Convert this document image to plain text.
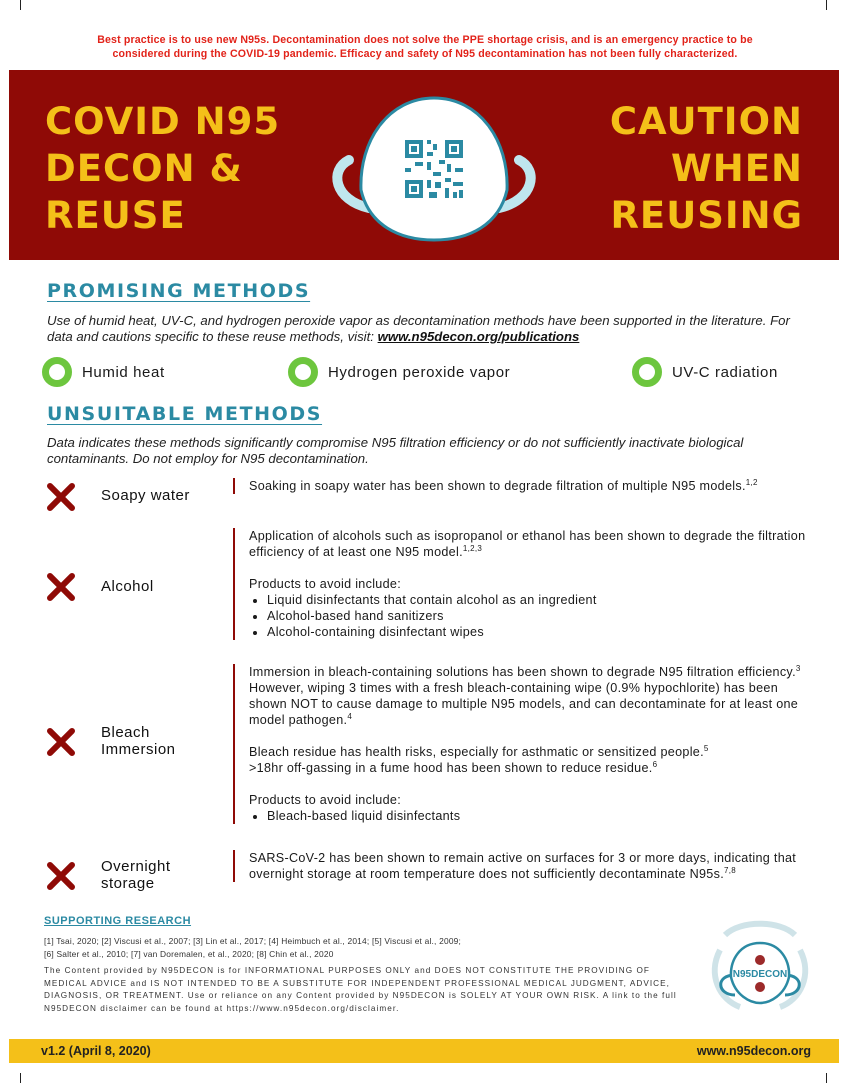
Best practice is to use new N95s. Decontamination does not solve the PPE shortage crisis, and is an emergency practice to be
considered during the COVID-19 pandemic. Efficacy and safety of N95 decontamination has not been fully characterized.
COVID N95
DECON &
REUSE
CAUTION
WHEN
REUSING
PROMISING METHODS
Use of humid heat, UV-C, and hydrogen peroxide vapor as decontamination methods have been supported in the literature. For data and cautions specific to these reuse methods, visit: www.n95decon.org/publications
Humid heat	Hydrogen peroxide vapor	UV-C radiation
UNSUITABLE METHODS
Data indicates these methods significantly compromise N95 filtration efficiency or do not sufficiently inactivate biological contaminants. Do not employ for N95 decontamination.
Soapy water

Soaking in soapy water has been shown to degrade filtration of multiple N95 models.$^{1,2}$

Alcohol

Application of alcohols such as isopropanol or ethanol has been shown to degrade the filtration efficiency of at least one N95 model.$^{1,2,3}$

Products to avoid include:

• Liquid disinfectants that contain alcohol as an ingredient
• Alcohol-based hand sanitizers
• Alcohol-containing disinfectant wipes
Bleach
Immersion

Immersion in bleach-containing solutions has been shown to degrade N95 filtration efficiency.$^3$ However, wiping 3 times with a fresh bleach-containing wipe (0.9% hypochlorite) has been shown NOT to cause damage to multiple N95 models, and can decontaminate for at least one model pathogen.$^4$

Bleach residue has health risks, especially for asthmatic or sensitized people.$^5$
>18hr off-gassing in a fume hood has been shown to reduce residue.$^6$

Products to avoid include:

• Bleach-based liquid disinfectants
Overnight
storage

SARS-CoV-2 has been shown to remain active on surfaces for 3 or more days, indicating that overnight storage at room temperature does not sufficiently decontaminate N95s.$^{7,8}$

SUPPORTING RESEARCH
[1] Tsai, 2020; [2] Viscusi et al., 2007; [3] Lin et al., 2017; [4] Heimbuch et al., 2014; [5] Viscusi et al., 2009;
[6] Salter et al., 2010; [7] van Doremalen, et al., 2020; [8] Chin et al., 2020
The Content provided by N95DECON is for INFORMATIONAL PURPOSES ONLY and DOES NOT CONSTITUTE THE PROVIDING OF MEDICAL ADVICE and IS NOT INTENDED TO BE A SUBSTITUTE FOR INDEPENDENT PROFESSIONAL MEDICAL JUDGMENT, ADVICE, DIAGNOSIS, OR TREATMENT. Use or reliance on any Content provided by N95DECON is SOLELY AT YOUR OWN RISK. A link to the full N95DECON disclaimer can be found at https://www.n95decon.org/disclaimer.
N95DECON
v1.2 (April 8, 2020)	www.n95decon.org
